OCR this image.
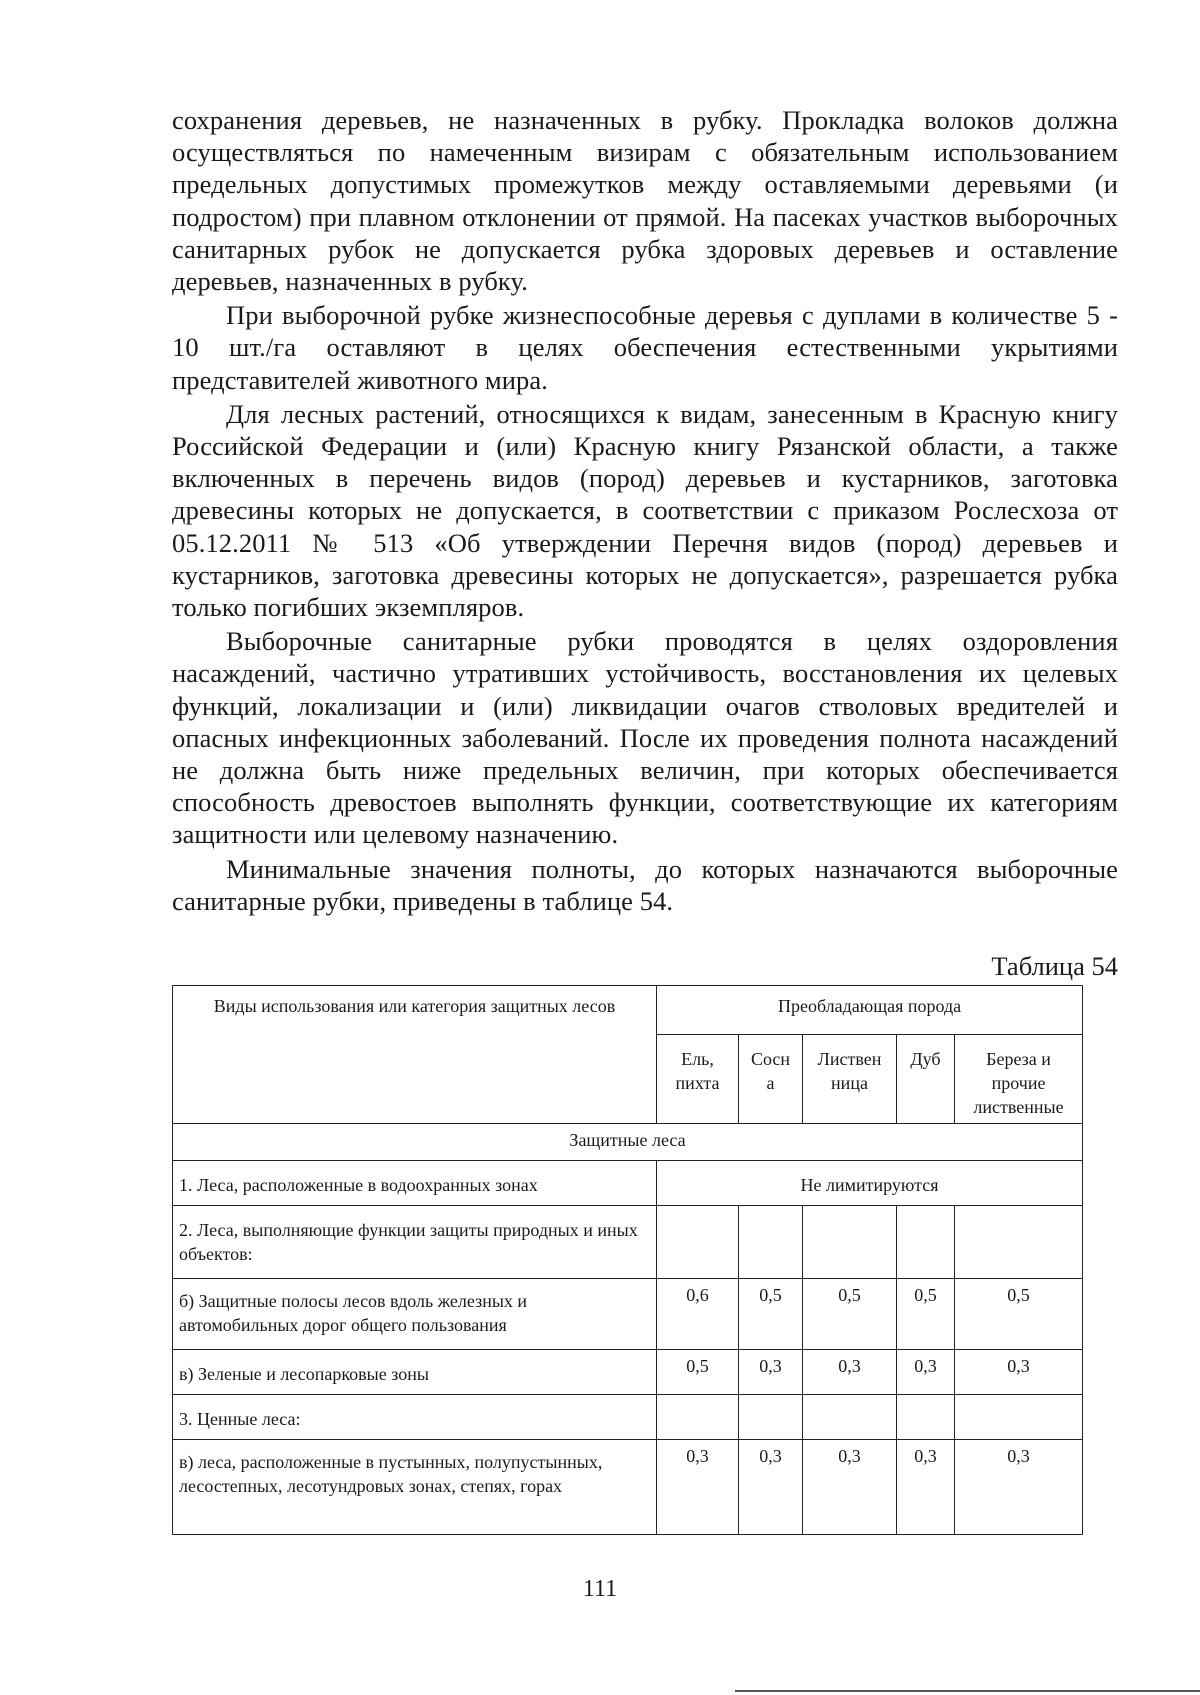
сохранения деревьев, не назначенных в рубку. Прокладка волоков должна осуществляться по намеченным визирам с обязательным использованием предельных допустимых промежутков между оставляемыми деревьями (и подростом) при плавном отклонении от прямой. На пасеках участков выборочных санитарных рубок не допускается рубка здоровых деревьев и оставление деревьев, назначенных в рубку.

При выборочной рубке жизнеспособные деревья с дуплами в количестве 5 - 10 шт./га оставляют в целях обеспечения естественными укрытиями представителей животного мира.

Для лесных растений, относящихся к видам, занесенным в Красную книгу Российской Федерации и (или) Красную книгу Рязанской области, а также включенных в перечень видов (пород) деревьев и кустарников, заготовка древесины которых не допускается, в соответствии с приказом Рослесхоза от 05.12.2011 № 513 «Об утверждении Перечня видов (пород) деревьев и кустарников, заготовка древесины которых не допускается», разрешается рубка только погибших экземпляров.

Выборочные санитарные рубки проводятся в целях оздоровления насаждений, частично утративших устойчивость, восстановления их целевых функций, локализации и (или) ликвидации очагов стволовых вредителей и опасных инфекционных заболеваний. После их проведения полнота насаждений не должна быть ниже предельных величин, при которых обеспечивается способность древостоев выполнять функции, соответствующие их категориям защитности или целевому назначению.

Минимальные значения полноты, до которых назначаются выборочные санитарные рубки, приведены в таблице 54.

Таблица 54
Виды использования или категория защитных лесов	Преобладающая порода				
	Ель, пихта	Сосн а	Листвен ница	Дуб	Береза и прочие лиственные
Защитные леса					
1. Леса, расположенные в водоохранных зонах	Не лимитируются				
2. Леса, выполняющие функции защиты природных и иных объектов:					
б) Защитные полосы лесов вдоль железных и автомобильных дорог общего пользования	0,6	0,5	0,5	0,5	0,5
в) Зеленые и лесопарковые зоны	0,5	0,3	0,3	0,3	0,3
3. Ценные леса:					
в) леса, расположенные в пустынных, полупустынных, лесостепных, лесотундровых зонах, степях, горах	0,3	0,3	0,3	0,3	0,3
111
